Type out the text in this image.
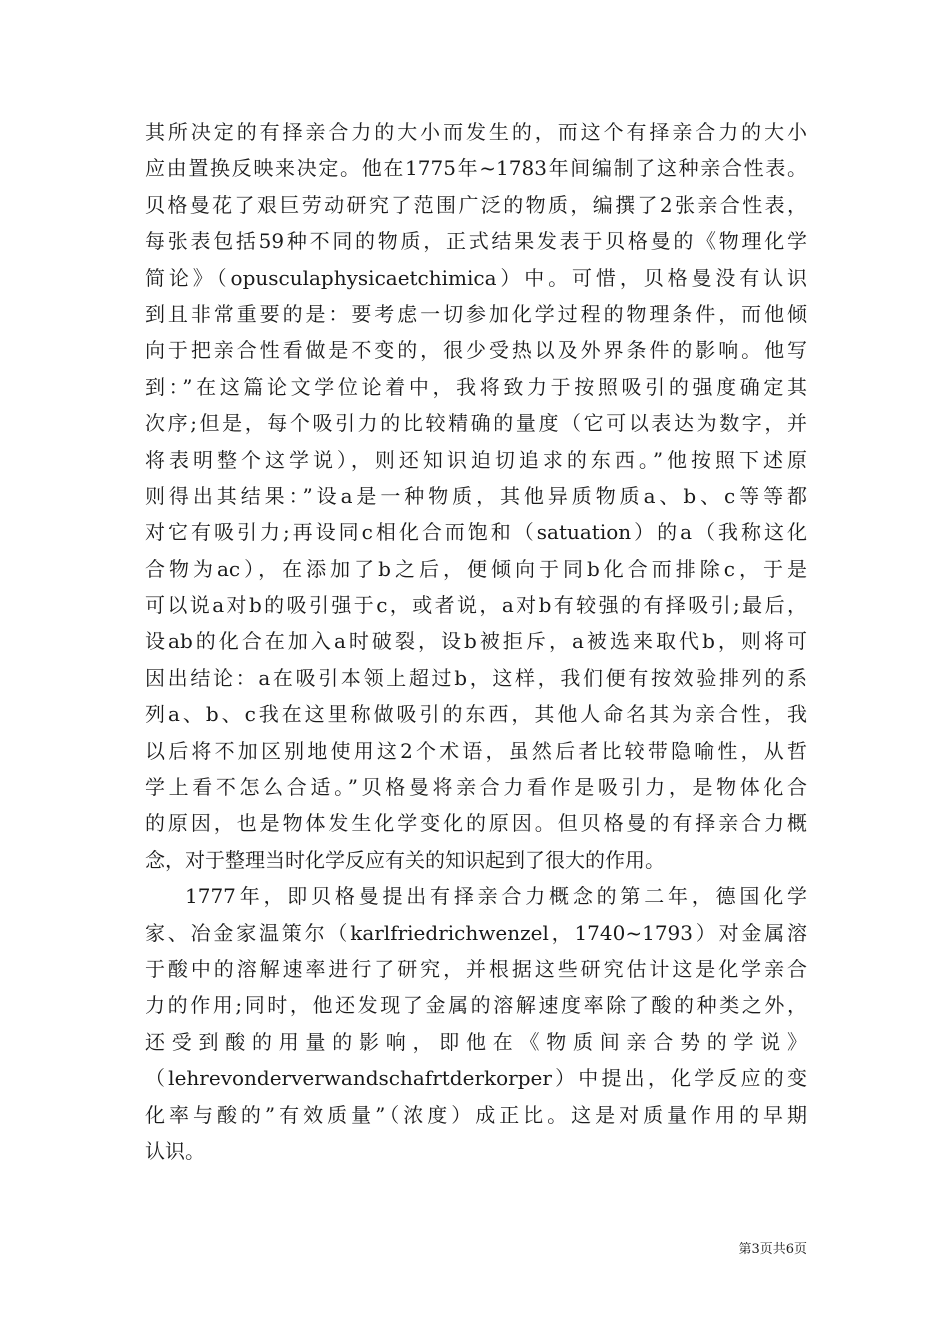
其所决定的有择亲合力的大小而发生的，而这个有择亲合力的大小
应由置换反映来决定。他在1775年~1783年间编制了这种亲合性表。
贝格曼花了艰巨劳动研究了范围广泛的物质，编撰了2张亲合性表，
每张表包括59种不同的物质，正式结果发表于贝格曼的《物理化学
简论》（opusculaphysicaetchimica）中。可惜，贝格曼没有认识
到且非常重要的是：要考虑一切参加化学过程的物理条件，而他倾
向于把亲合性看做是不变的，很少受热以及外界条件的影响。他写
到：”在这篇论文学位论着中，我将致力于按照吸引的强度确定其
次序;但是，每个吸引力的比较精确的量度（它可以表达为数字，并
将表明整个这学说），则还知识迫切追求的东西。”他按照下述原
则得出其结果：”设a是一种物质，其他异质物质a、b、c等等都
对它有吸引力;再设同c相化合而饱和（satuation）的a（我称这化
合物为ac），在添加了b之后，便倾向于同b化合而排除c，于是
可以说a对b的吸引强于c，或者说，a对b有较强的有择吸引;最后，
设ab的化合在加入a时破裂，设b被拒斥，a被选来取代b，则将可
因出结论：a在吸引本领上超过b，这样，我们便有按效验排列的系
列a、b、c我在这里称做吸引的东西，其他人命名其为亲合性，我
以后将不加区别地使用这2个术语，虽然后者比较带隐喻性，从哲
学上看不怎么合适。”贝格曼将亲合力看作是吸引力，是物体化合
的原因，也是物体发生化学变化的原因。但贝格曼的有择亲合力概
念，对于整理当时化学反应有关的知识起到了很大的作用。
1777年，即贝格曼提出有择亲合力概念的第二年，德国化学
家、冶金家温策尔（karlfriedrichwenzel，1740~1793）对金属溶
于酸中的溶解速率进行了研究，并根据这些研究估计这是化学亲合
力的作用;同时，他还发现了金属的溶解速度率除了酸的种类之外，
还受到酸的用量的影响，即他在《物质间亲合势的学说》
（lehrevonderverwandschafrtderkorper）中提出，化学反应的变
化率与酸的”有效质量”（浓度）成正比。这是对质量作用的早期
认识。
第3页共6页
